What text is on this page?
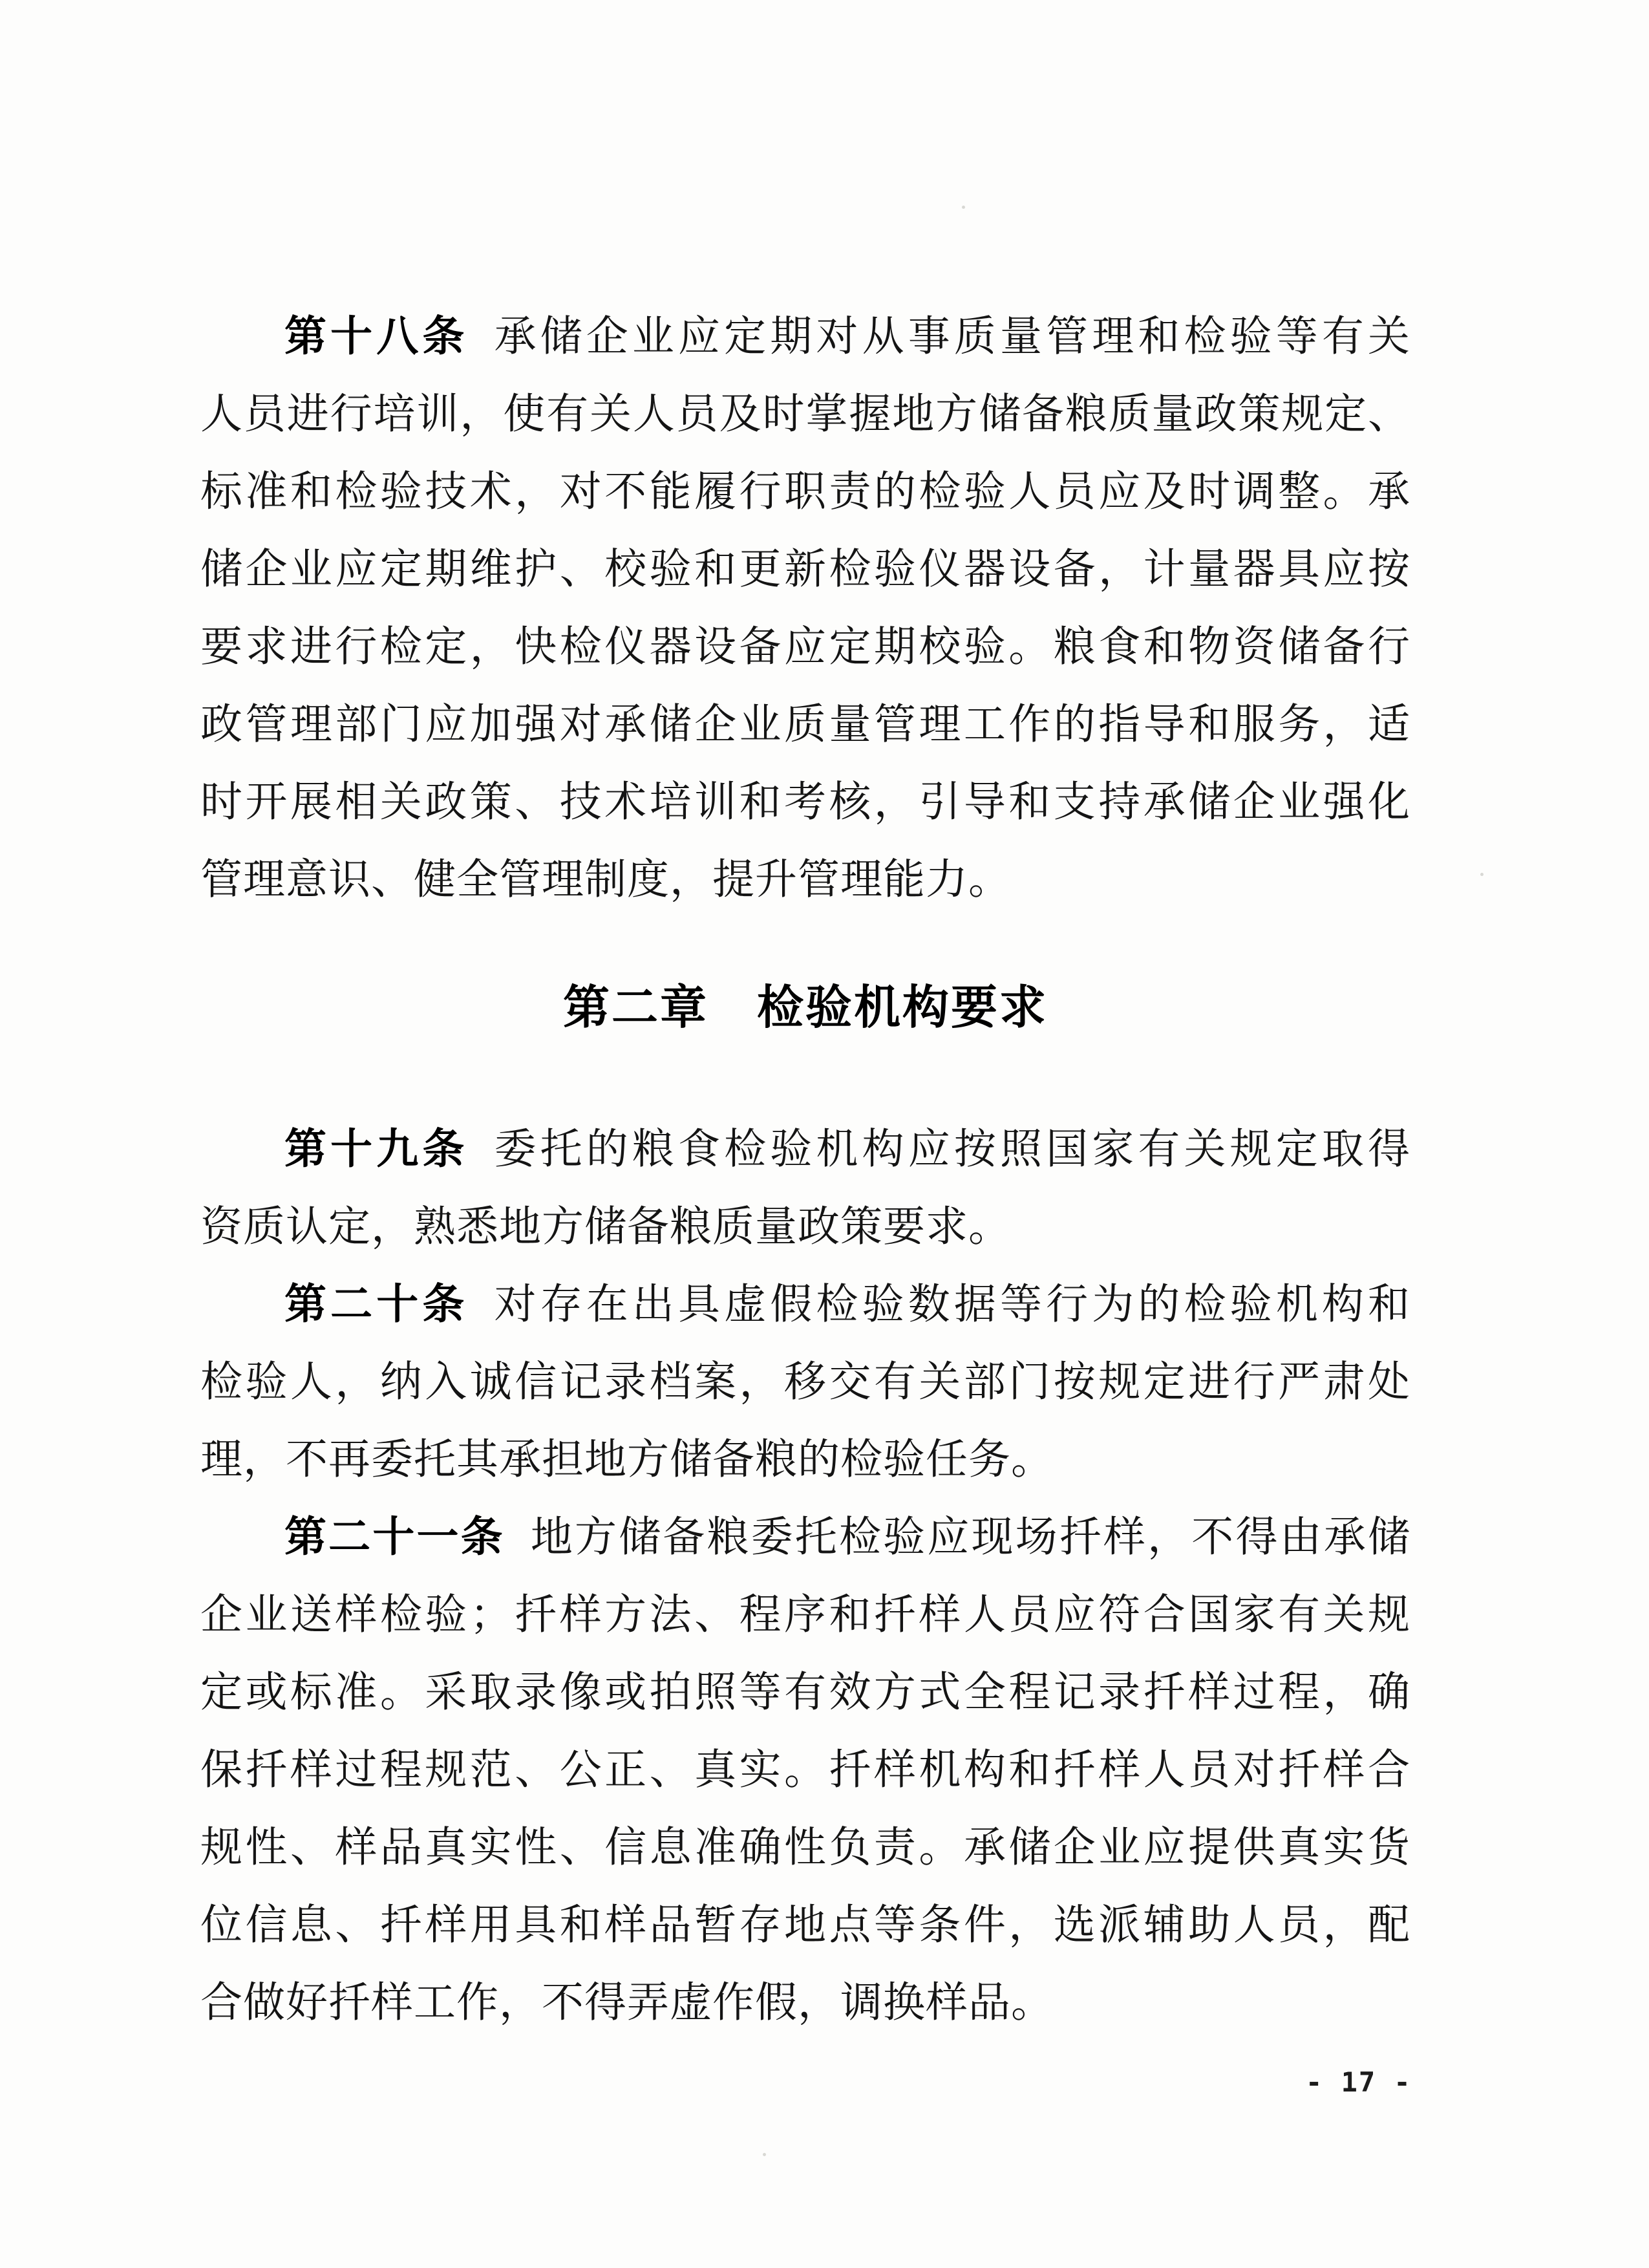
第十八条 承储企业应定期对从事质量管理和检验等有关
人员进行培训，使有关人员及时掌握地方储备粮质量政策规定、
标准和检验技术，对不能履行职责的检验人员应及时调整。承
储企业应定期维护、校验和更新检验仪器设备，计量器具应按
要求进行检定，快检仪器设备应定期校验。粮食和物资储备行
政管理部门应加强对承储企业质量管理工作的指导和服务，适
时开展相关政策、技术培训和考核，引导和支持承储企业强化
管理意识、健全管理制度，提升管理能力。
第二章　检验机构要求
第十九条 委托的粮食检验机构应按照国家有关规定取得
资质认定，熟悉地方储备粮质量政策要求。
第二十条 对存在出具虚假检验数据等行为的检验机构和
检验人，纳入诚信记录档案，移交有关部门按规定进行严肃处
理，不再委托其承担地方储备粮的检验任务。
第二十一条 地方储备粮委托检验应现场扦样，不得由承储
企业送样检验；扦样方法、程序和扦样人员应符合国家有关规
定或标准。采取录像或拍照等有效方式全程记录扦样过程，确
保扦样过程规范、公正、真实。扦样机构和扦样人员对扦样合
规性、样品真实性、信息准确性负责。承储企业应提供真实货
位信息、扦样用具和样品暂存地点等条件，选派辅助人员，配
合做好扦样工作，不得弄虚作假，调换样品。
- 17 -
